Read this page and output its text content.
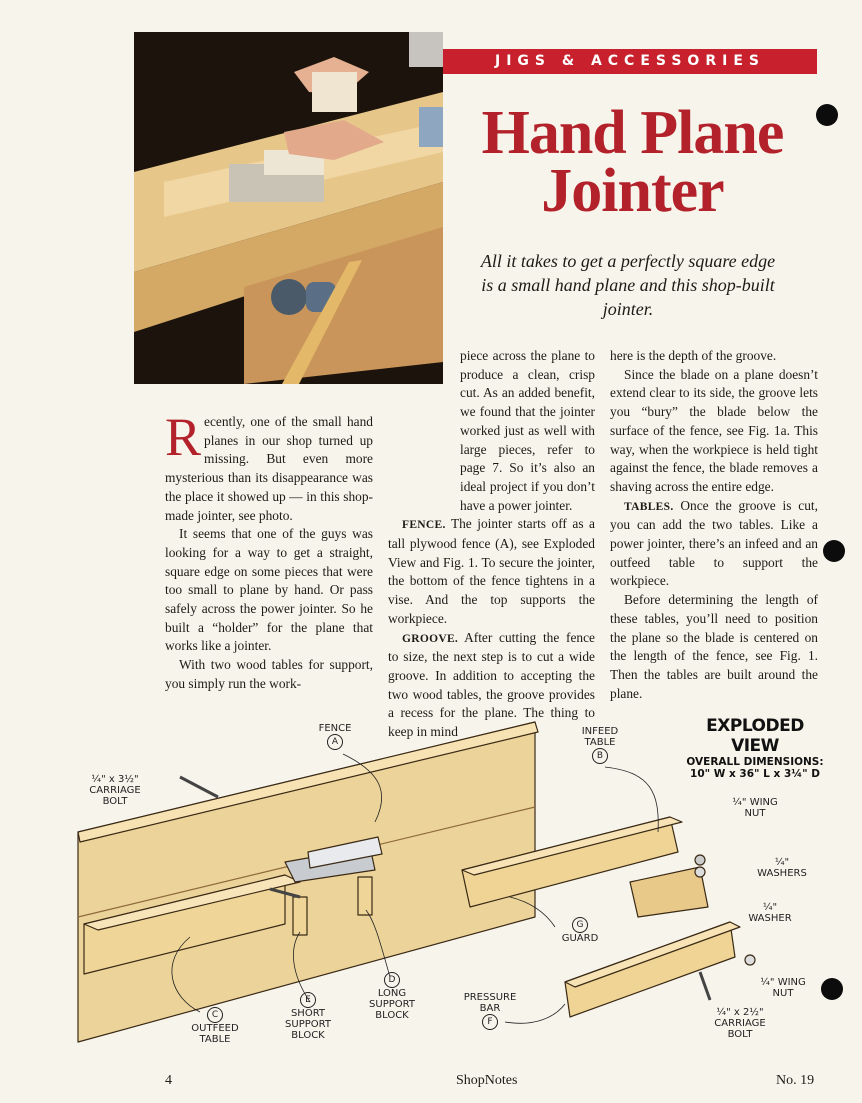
JIGS & ACCESSORIES
Hand Plane
Jointer
All it takes to get a perfectly square edge is a small hand plane and this shop-built jointer.

Recently, one of the small hand planes in our shop turned up missing. But even more mysterious than its disappearance was the place it showed up — in this shop-made jointer, see photo.

It seems that one of the guys was looking for a way to get a straight, square edge on some pieces that were too small to plane by hand. Or pass safely across the power jointer. So he built a “holder” for the plane that works like a jointer.

With two wood tables for support, you simply run the work-

piece across the plane to produce a clean, crisp cut. As an added benefit, we found that the jointer worked just as well with large pieces, refer to page 7. So it’s also an ideal project if you don’t have a power jointer.

FENCE. The jointer starts off as a tall plywood fence (A), see Exploded View and Fig. 1. To secure the jointer, the bottom of the fence tightens in a vise. And the top supports the workpiece.

GROOVE. After cutting the fence to size, the next step is to cut a wide groove. In addition to accepting the two wood tables, the groove provides a recess for the plane. The thing to keep in mind

here is the depth of the groove.

Since the blade on a plane doesn’t extend clear to its side, the groove lets you “bury” the blade below the surface of the fence, see Fig. 1a. This way, when the workpiece is held tight against the fence, the blade removes a shaving across the entire edge.

TABLES. Once the groove is cut, you can add the two tables. Like a power jointer, there’s an infeed and an outfeed table to support the workpiece.

Before determining the length of these tables, you’ll need to position the plane so the blade is centered on the length of the fence, see Fig. 1. Then the tables are built around the plane.

FENCE
A
INFEED TABLE
B
¼" x 3½" CARRIAGE BOLT	¼" WING NUT
¼" WASHERS
¼" WASHER
G
GUARD
¼" WING NUT
¼" x 2½" CARRIAGE BOLT
C
OUTFEED TABLE
E
SHORT SUPPORT BLOCK
D
LONG SUPPORT BLOCK
PRESSURE BAR
F
EXPLODED VIEW
OVERALL DIMENSIONS:
10" W x 36" L x 3¼" D
4	ShopNotes	No. 19
